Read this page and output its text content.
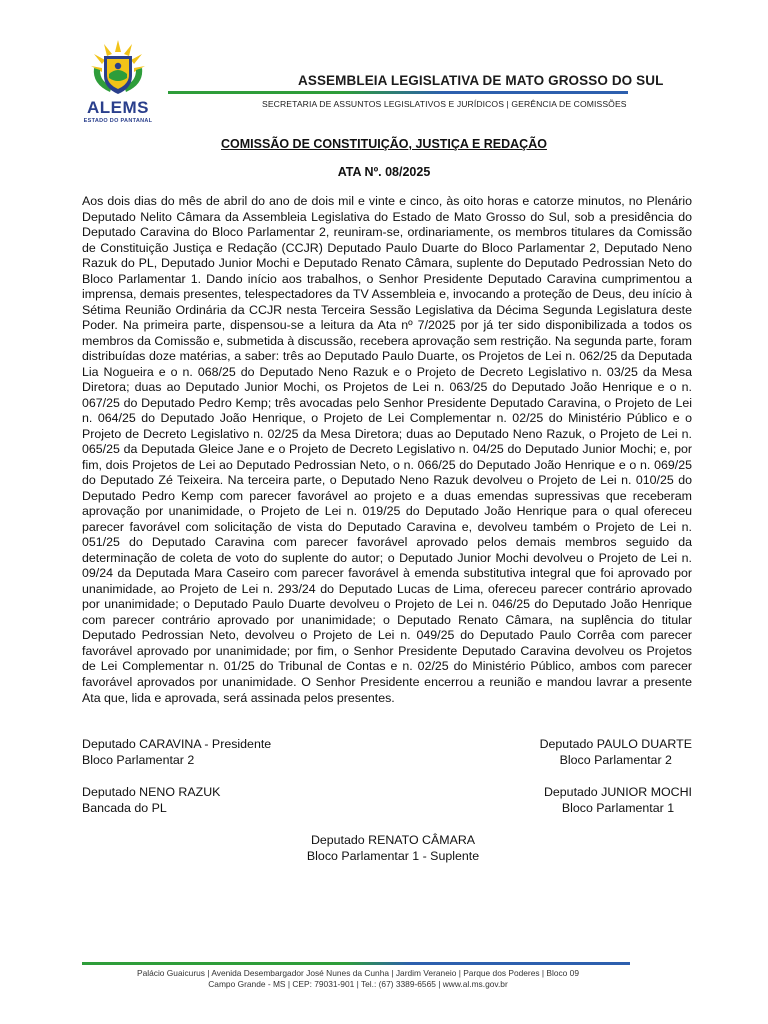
ALEMS
ESTADO DO PANTANAL
ASSEMBLEIA LEGISLATIVA DE MATO GROSSO DO SUL
SECRETARIA DE ASSUNTOS LEGISLATIVOS E JURÍDICOS | GERÊNCIA DE COMISSÕES
COMISSÃO DE CONSTITUIÇÃO, JUSTIÇA E REDAÇÃO
ATA Nº. 08/2025
Aos dois dias do mês de abril do ano de dois mil e vinte e cinco, às oito horas e catorze minutos, no Plenário Deputado Nelito Câmara da Assembleia Legislativa do Estado de Mato Grosso do Sul, sob a presidência do Deputado Caravina do Bloco Parlamentar 2, reuniram-se, ordinariamente, os membros titulares da Comissão de Constituição Justiça e Redação (CCJR) Deputado Paulo Duarte do Bloco Parlamentar 2, Deputado Neno Razuk do PL, Deputado Junior Mochi e Deputado Renato Câmara, suplente do Deputado Pedrossian Neto do Bloco Parlamentar 1. Dando início aos trabalhos, o Senhor Presidente Deputado Caravina cumprimentou a imprensa, demais presentes, telespectadores da TV Assembleia e, invocando a proteção de Deus, deu início à Sétima Reunião Ordinária da CCJR nesta Terceira Sessão Legislativa da Décima Segunda Legislatura deste Poder. Na primeira parte, dispensou-se a leitura da Ata nº 7/2025 por já ter sido disponibilizada a todos os membros da Comissão e, submetida à discussão, recebera aprovação sem restrição. Na segunda parte, foram distribuídas doze matérias, a saber: três ao Deputado Paulo Duarte, os Projetos de Lei n. 062/25 da Deputada Lia Nogueira e o n. 068/25 do Deputado Neno Razuk e o Projeto de Decreto Legislativo n. 03/25 da Mesa Diretora; duas ao Deputado Junior Mochi, os Projetos de Lei n. 063/25 do Deputado João Henrique e o n. 067/25 do Deputado Pedro Kemp; três avocadas pelo Senhor Presidente Deputado Caravina, o Projeto de Lei n. 064/25 do Deputado João Henrique, o Projeto de Lei Complementar n. 02/25 do Ministério Público e o Projeto de Decreto Legislativo n. 02/25 da Mesa Diretora; duas ao Deputado Neno Razuk, o Projeto de Lei n. 065/25 da Deputada Gleice Jane e o Projeto de Decreto Legislativo n. 04/25 do Deputado Junior Mochi; e, por fim, dois Projetos de Lei ao Deputado Pedrossian Neto, o n. 066/25 do Deputado João Henrique e o n. 069/25 do Deputado Zé Teixeira. Na terceira parte, o Deputado Neno Razuk devolveu o Projeto de Lei n. 010/25 do Deputado Pedro Kemp com parecer favorável ao projeto e a duas emendas supressivas que receberam aprovação por unanimidade, o Projeto de Lei n. 019/25 do Deputado João Henrique para o qual ofereceu parecer favorável com solicitação de vista do Deputado Caravina e, devolveu também o Projeto de Lei n. 051/25 do Deputado Caravina com parecer favorável aprovado pelos demais membros seguido da determinação de coleta de voto do suplente do autor; o Deputado Junior Mochi devolveu o Projeto de Lei n. 09/24 da Deputada Mara Caseiro com parecer favorável à emenda substitutiva integral que foi aprovado por unanimidade, ao Projeto de Lei n. 293/24 do Deputado Lucas de Lima, ofereceu parecer contrário aprovado por unanimidade; o Deputado Paulo Duarte devolveu o Projeto de Lei n. 046/25 do Deputado João Henrique com parecer contrário aprovado por unanimidade; o Deputado Renato Câmara, na suplência do titular Deputado Pedrossian Neto, devolveu o Projeto de Lei n. 049/25 do Deputado Paulo Corrêa com parecer favorável aprovado por unanimidade; por fim, o Senhor Presidente Deputado Caravina devolveu os Projetos de Lei Complementar n. 01/25 do Tribunal de Contas e n. 02/25 do Ministério Público, ambos com parecer favorável aprovados por unanimidade. O Senhor Presidente encerrou a reunião e mandou lavrar a presente Ata que, lida e aprovada, será assinada pelos presentes.
Deputado CARAVINA - Presidente
Bloco Parlamentar 2
Deputado PAULO DUARTE
Bloco Parlamentar 2
Deputado NENO RAZUK
Bancada do PL
Deputado JUNIOR MOCHI
Bloco Parlamentar 1
Deputado RENATO CÂMARA
Bloco Parlamentar 1 - Suplente
Palácio Guaicurus | Avenida Desembargador José Nunes da Cunha | Jardim Veraneio | Parque dos Poderes | Bloco 09
Campo Grande - MS | CEP: 79031-901 | Tel.: (67) 3389-6565 | www.al.ms.gov.br
